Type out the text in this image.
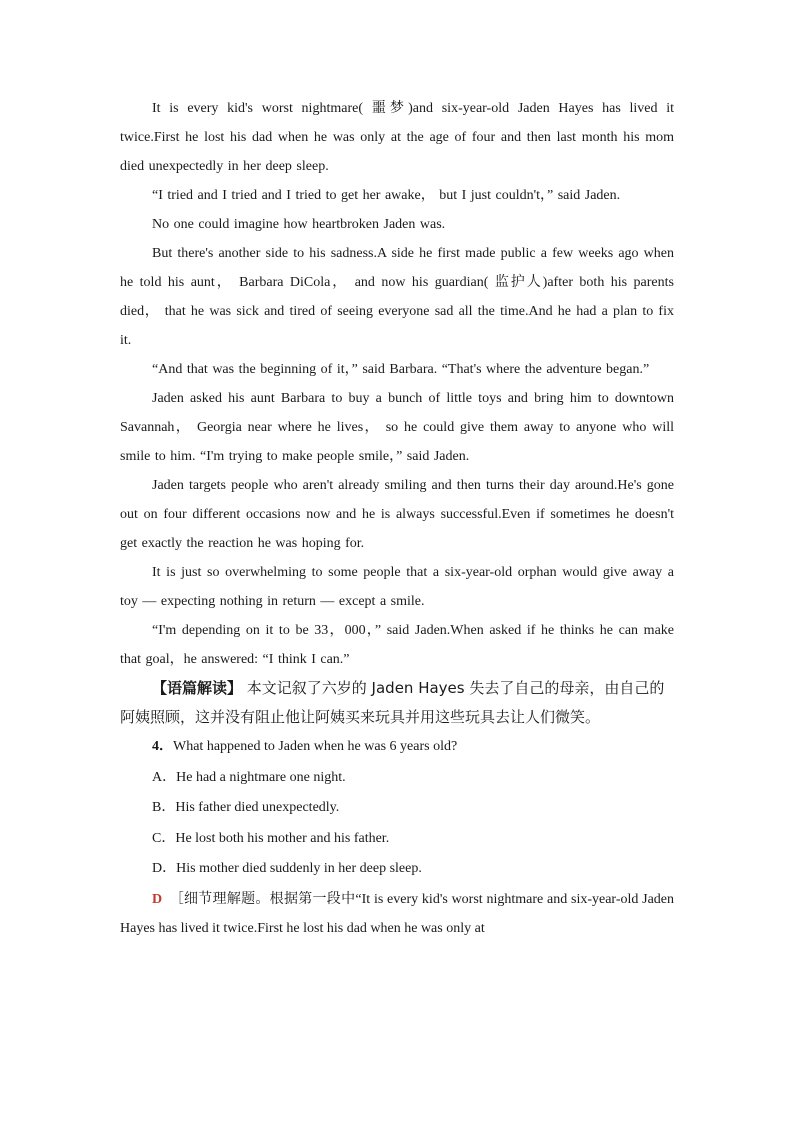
It is every kid's worst nightmare( 噩梦)and six-year-old Jaden Hayes has lived it twice.First he lost his dad when he was only at the age of four and then last month his mom died unexpectedly in her deep sleep.

“I tried and I tried and I tried to get her awake， but I just couldn't，” said Jaden.

No one could imagine how heartbroken Jaden was.

But there's another side to his sadness.A side he first made public a few weeks ago when he told his aunt， Barbara DiCola， and now his guardian( 监护人)after both his parents died， that he was sick and tired of seeing everyone sad all the time.And he had a plan to fix it.

“And that was the beginning of it，” said Barbara. “That's where the adventure began.”

Jaden asked his aunt Barbara to buy a bunch of little toys and bring him to downtown Savannah， Georgia near where he lives， so he could give them away to anyone who will smile to him. “I'm trying to make people smile，” said Jaden.

Jaden targets people who aren't already smiling and then turns their day around.He's gone out on four different occasions now and he is always successful.Even if sometimes he doesn't get exactly the reaction he was hoping for.

It is just so overwhelming to some people that a six-year-old orphan would give away a toy — expecting nothing in return — except a smile.

“I'm depending on it to be 33，000，” said Jaden.When asked if he thinks he can make that goal，he answered: “I think I can.”

【语篇解读】 本文记叙了六岁的 Jaden Hayes 失去了自己的母亲，由自己的阿姨照顾，这并没有阻止他让阿姨买来玩具并用这些玩具去让人们微笑。

4．What happened to Jaden when he was 6 years old?

A．He had a nightmare one night.

B．His father died unexpectedly.

C．He lost both his mother and his father.

D．His mother died suddenly in her deep sleep.

D ［细节理解题。根据第一段中“It is every kid's worst nightmare and six-year-old Jaden Hayes has lived it twice.First he lost his dad when he was only at
